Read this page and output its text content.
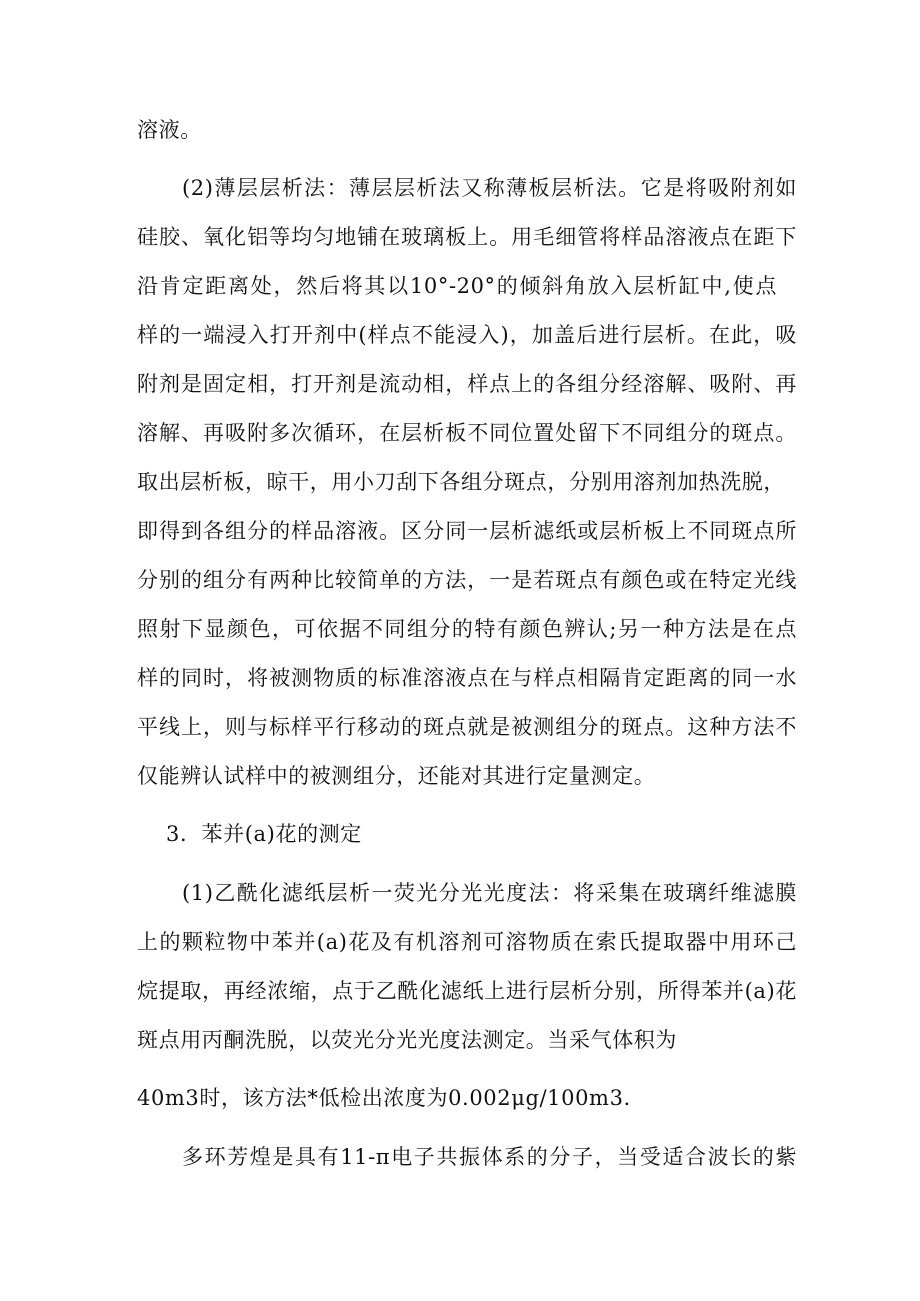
溶液。
(2)薄层层析法：薄层层析法又称薄板层析法。它是将吸附剂如
硅胶、氧化铝等均匀地铺在玻璃板上。用毛细管将样品溶液点在距下
沿肯定距离处，然后将其以10°-20°的倾斜角放入层析缸中,使点
样的一端浸入打开剂中(样点不能浸入)，加盖后进行层析。在此，吸
附剂是固定相，打开剂是流动相，样点上的各组分经溶解、吸附、再
溶解、再吸附多次循环，在层析板不同位置处留下不同组分的斑点。
取出层析板，晾干，用小刀刮下各组分斑点，分别用溶剂加热洗脱，
即得到各组分的样品溶液。区分同一层析滤纸或层析板上不同斑点所
分别的组分有两种比较简单的方法，一是若斑点有颜色或在特定光线
照射下显颜色，可依据不同组分的特有颜色辨认;另一种方法是在点
样的同时，将被测物质的标准溶液点在与样点相隔肯定距离的同一水
平线上，则与标样平行移动的斑点就是被测组分的斑点。这种方法不
仅能辨认试样中的被测组分，还能对其进行定量测定。
3．苯并(a)花的测定
(1)乙酰化滤纸层析一荧光分光光度法：将采集在玻璃纤维滤膜
上的颗粒物中苯并(a)花及有机溶剂可溶物质在索氏提取器中用环己
烷提取，再经浓缩，点于乙酰化滤纸上进行层析分别，所得苯并(a)花
斑点用丙酮洗脱，以荧光分光光度法测定。当采气体积为
40m3时，该方法*低检出浓度为0.002μg/100m3.
多环芳煌是具有11-π电子共振体系的分子，当受适合波长的紫
